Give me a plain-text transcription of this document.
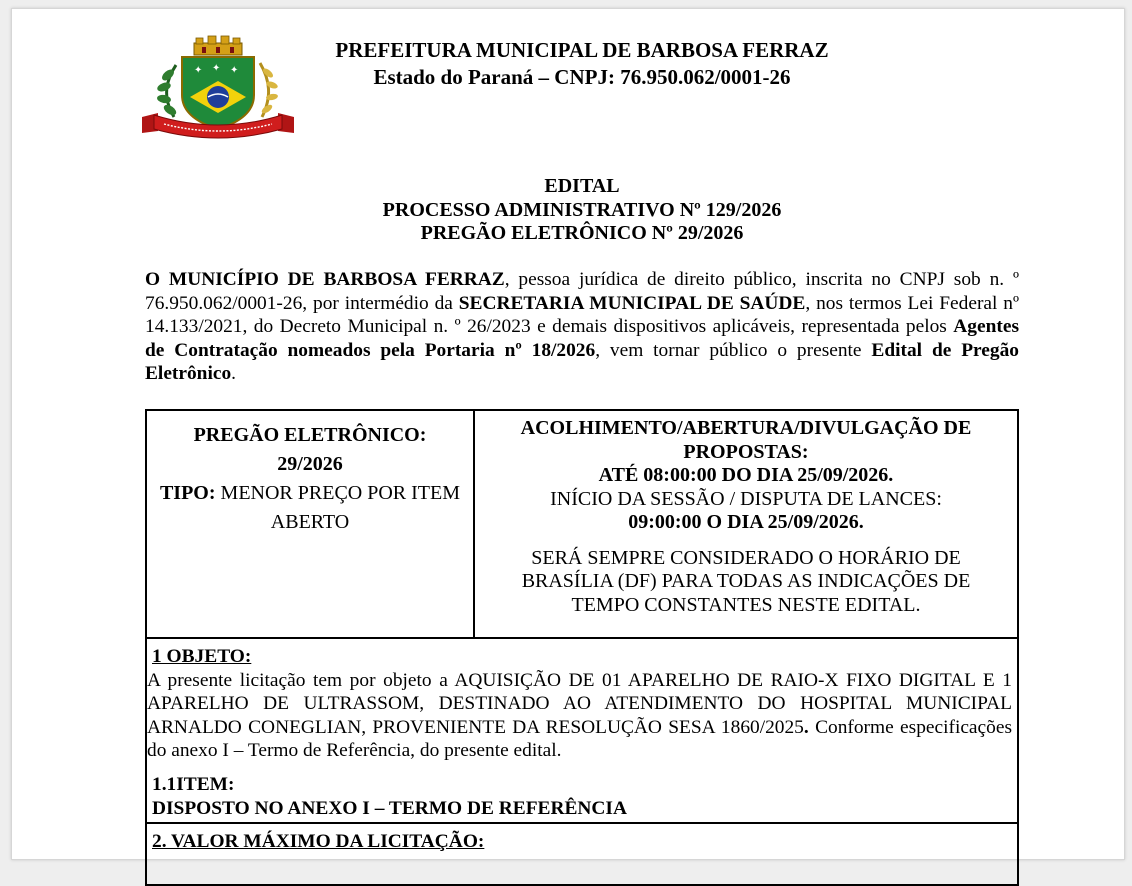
✦ ✦ ✦
PREFEITURA MUNICIPAL DE BARBOSA FERRAZ
Estado do Paraná – CNPJ: 76.950.062/0001-26
EDITAL
PROCESSO ADMINISTRATIVO Nº 129/2026
PREGÃO ELETRÔNICO Nº 29/2026
O MUNICÍPIO DE BARBOSA FERRAZ, pessoa jurídica de direito público, inscrita no CNPJ sob n. º 76.950.062/0001-26, por intermédio da SECRETARIA MUNICIPAL DE SAÚDE, nos termos Lei Federal nº 14.133/2021, do Decreto Municipal n. º 26/2023 e demais dispositivos aplicáveis, representada pelos Agentes de Contratação nomeados pela Portaria nº 18/2026, vem tornar público o presente Edital de Pregão Eletrônico.
PREGÃO ELETRÔNICO:
29/2026
TIPO: MENOR PREÇO POR ITEM
ABERTO

ACOLHIMENTO/ABERTURA/DIVULGAÇÃO DE PROPOSTAS:
ATÉ 08:00:00 DO DIA 25/09/2026.
INÍCIO DA SESSÃO / DISPUTA DE LANCES:
09:00:00 O DIA 25/09/2026.
SERÁ SEMPRE CONSIDERADO O HORÁRIO DE BRASÍLIA (DF) PARA TODAS AS INDICAÇÕES DE TEMPO CONSTANTES NESTE EDITAL.

1 OBJETO:
A presente licitação tem por objeto a AQUISIÇÃO DE 01 APARELHO DE RAIO-X FIXO DIGITAL E 1 APARELHO DE ULTRASSOM, DESTINADO AO ATENDIMENTO DO HOSPITAL MUNICIPAL ARNALDO CONEGLIAN, PROVENIENTE DA RESOLUÇÃO SESA 1860/2025. Conforme especificações do anexo I – Termo de Referência, do presente edital.
1.1ITEM:
DISPOSTO NO ANEXO I – TERMO DE REFERÊNCIA

2. VALOR MÁXIMO DA LICITAÇÃO:
